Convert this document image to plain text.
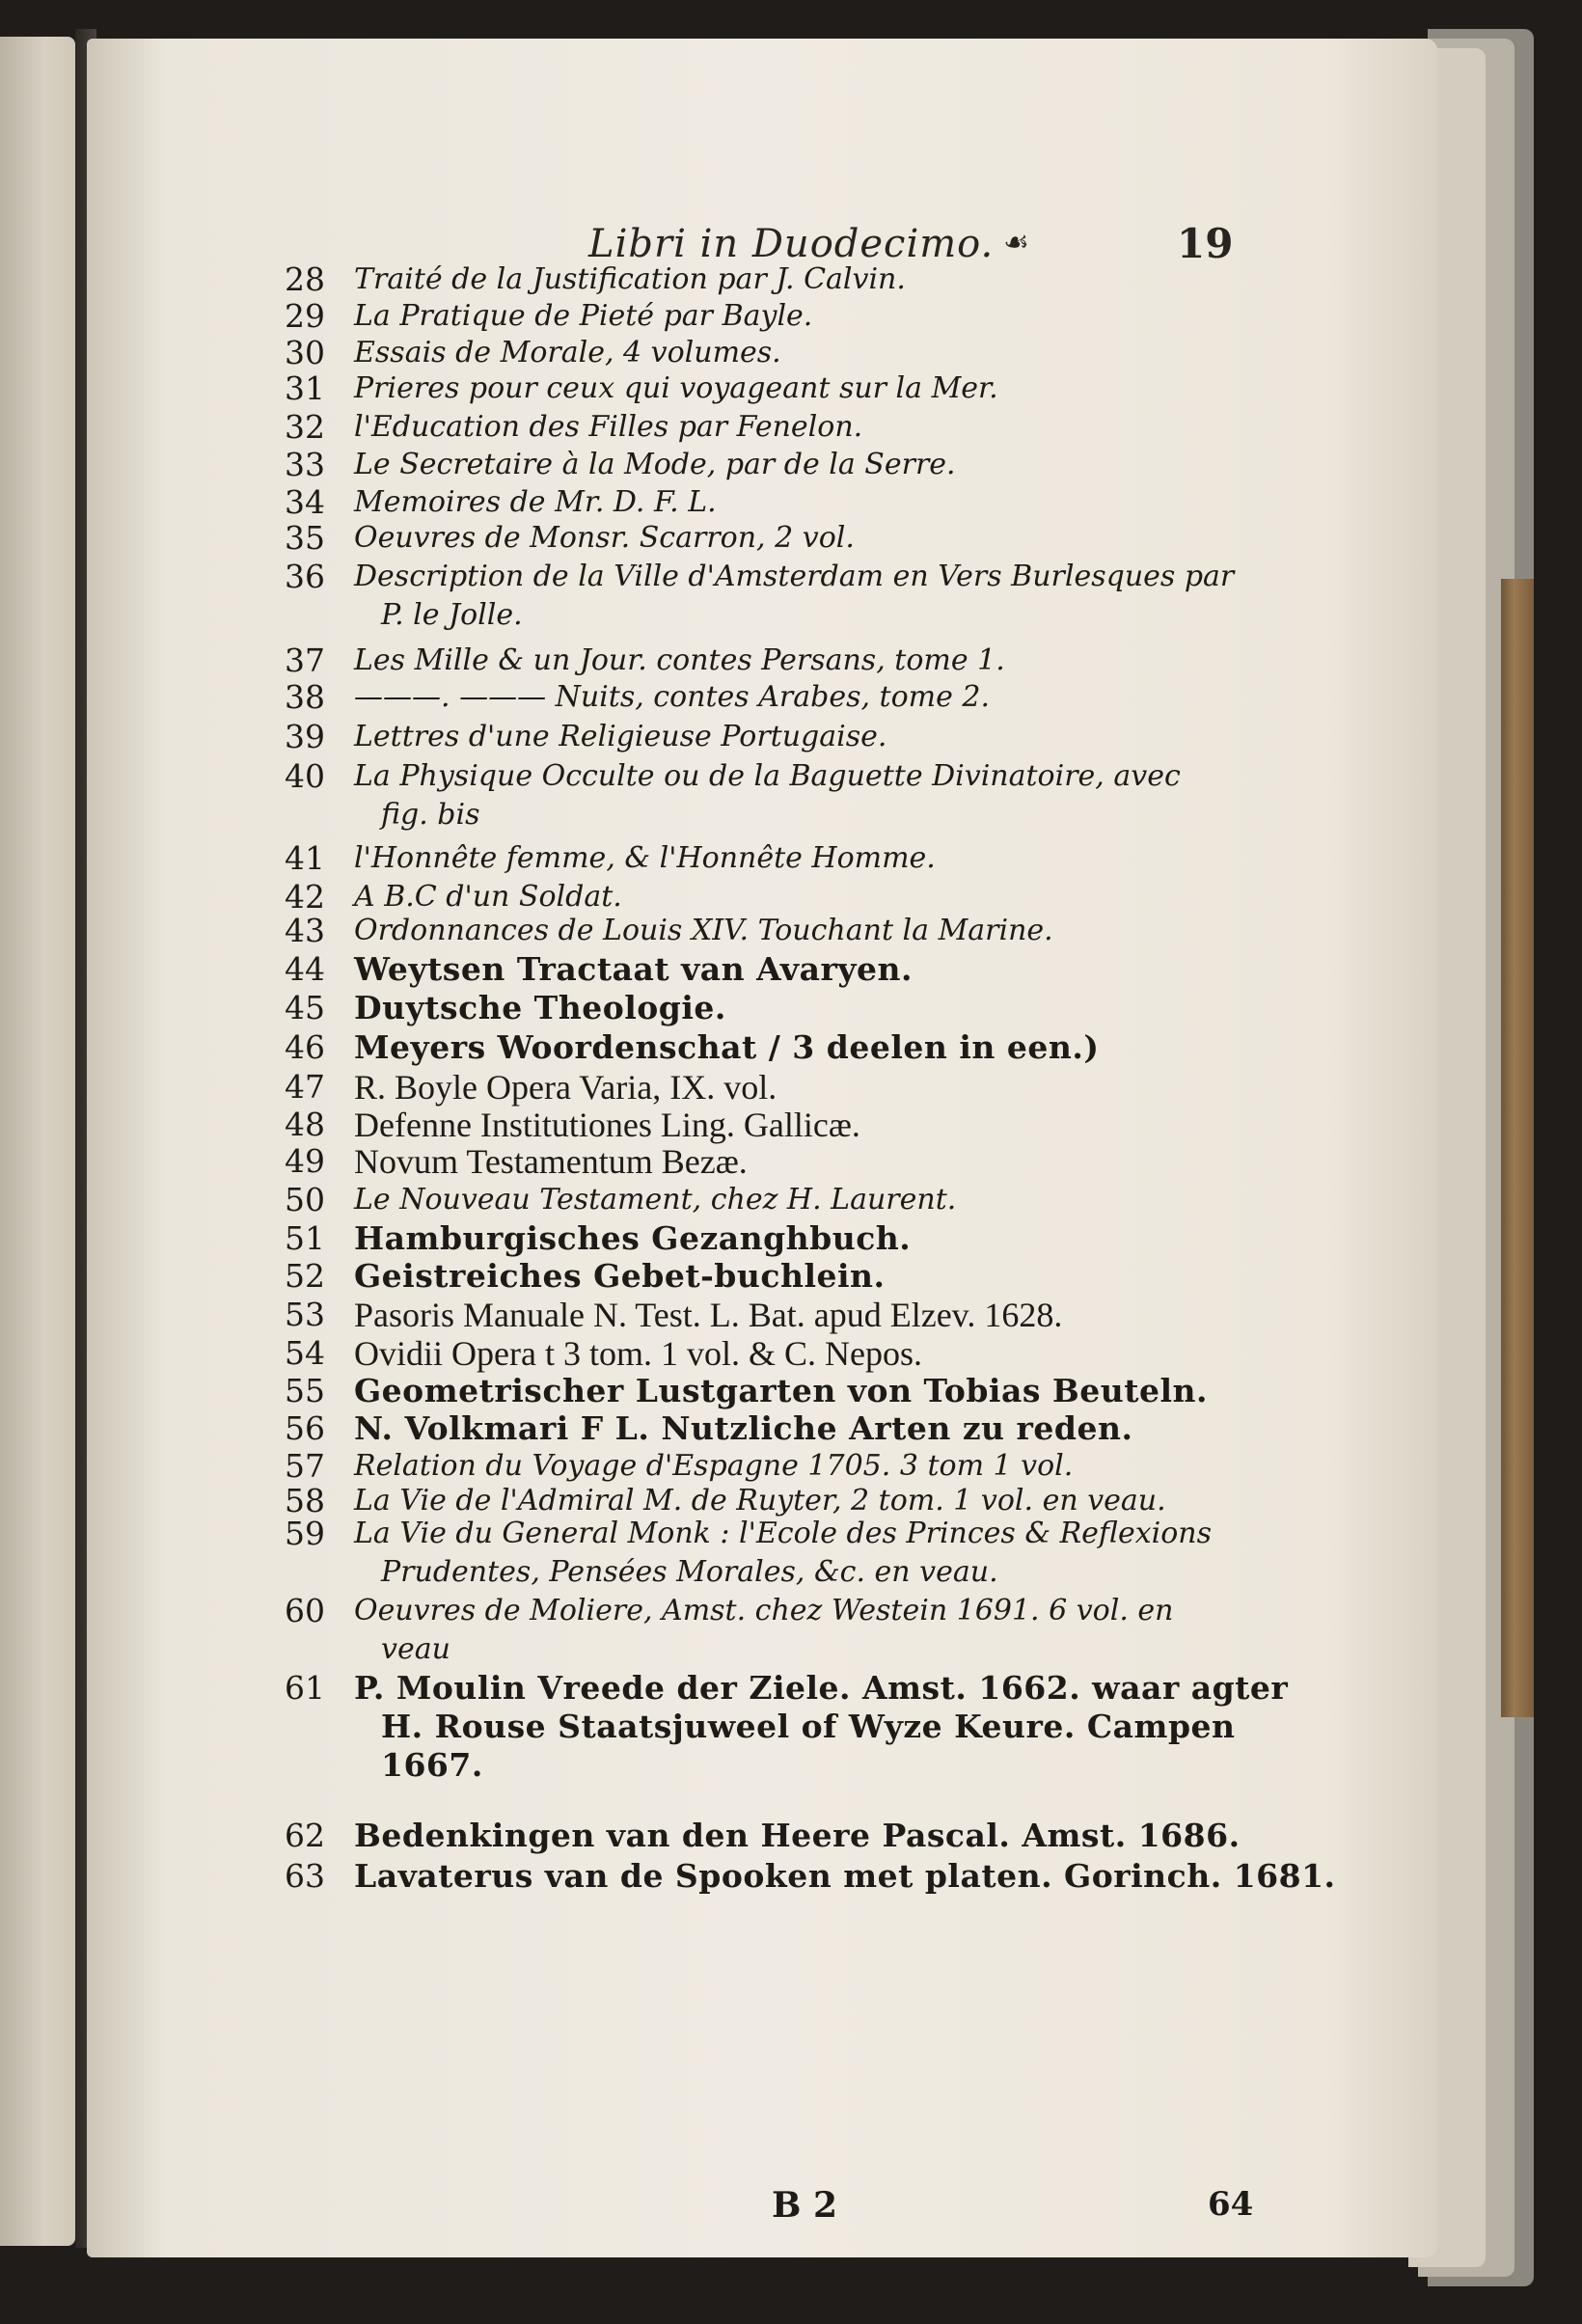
Libri in Duodecimo. ☙	19
28	Traité de la Justification par J. Calvin.
29	La Pratique de Pieté par Bayle.
30	Essais de Morale, 4 volumes.
31	Prieres pour ceux qui voyageant sur la Mer.
32	l'Education des Filles par Fenelon.
33	Le Secretaire à la Mode, par de la Serre.
34	Memoires de Mr. D. F. L.
35	Oeuvres de Monsr. Scarron, 2 vol.
36	Description de la Ville d'Amsterdam en Vers Burlesques par
P. le Jolle.
37	Les Mille & un Jour. contes Persans, tome 1.
38	———. ——— Nuits, contes Arabes, tome 2.
39	Lettres d'une Religieuse Portugaise.
40	La Physique Occulte ou de la Baguette Divinatoire, avec
fig. bis
41	l'Honnête femme, & l'Honnête Homme.
42	A B.C d'un Soldat.
43	Ordonnances de Louis XIV. Touchant la Marine.
44 Weytsen Tractaat van Avaryen.
45 Duytsche Theologie.
46 Meyers Woordenschat / 3 deelen in een.)
47 R. Boyle Opera Varia, IX. vol.
48 Defenne Institutiones Ling. Gallicæ.
49 Novum Testamentum Bezæ.
50	Le Nouveau Testament, chez H. Laurent.
51 Hamburgisches Gezanghbuch.
52 Geistreiches Gebet-buchlein.
53 Pasoris Manuale N. Test. L. Bat. apud Elzev. 1628.
54 Ovidii Opera t 3 tom. 1 vol. & C. Nepos.
55 Geometrischer Lustgarten von Tobias Beuteln.
56 N. Volkmari F L. Nutzliche Arten zu reden.
57	Relation du Voyage d'Espagne 1705. 3 tom 1 vol.
58	La Vie de l'Admiral M. de Ruyter, 2 tom. 1 vol. en veau.
59	La Vie du General Monk : l'Ecole des Princes & Reflexions
Prudentes, Pensées Morales, &c. en veau.
60	Oeuvres de Moliere, Amst. chez Westein 1691. 6 vol. en
veau
61 P. Moulin Vreede der Ziele. Amst. 1662. waar agter
H. Rouse Staatsjuweel of Wyze Keure. Campen
1667.
62 Bedenkingen van den Heere Pascal. Amst. 1686.
63 Lavaterus van de Spooken met platen. Gorinch. 1681.
B 2	64
